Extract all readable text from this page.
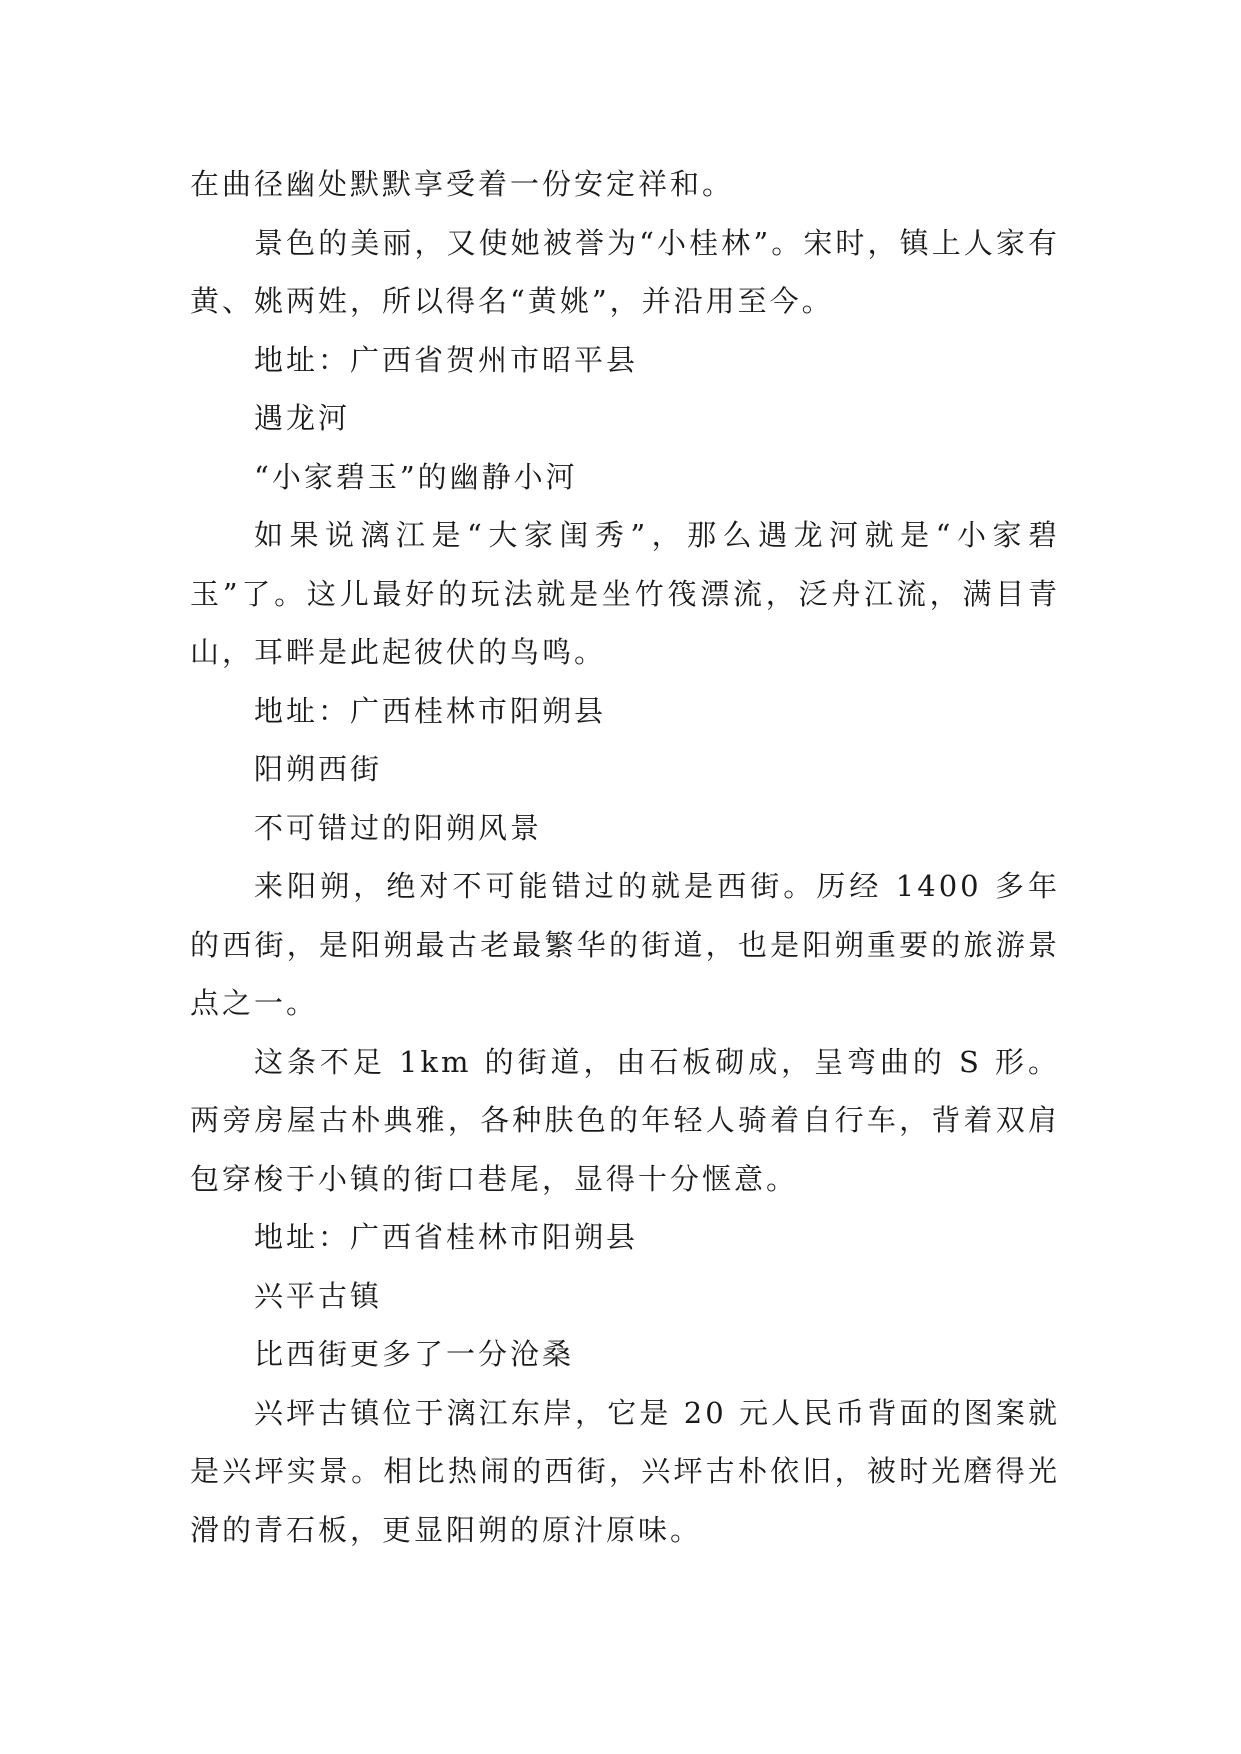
在曲径幽处默默享受着一份安定祥和。

景色的美丽，又使她被誉为“小桂林”。宋时，镇上人家有黄、姚两姓，所以得名“黄姚”，并沿用至今。

地址：广西省贺州市昭平县

遇龙河

“小家碧玉”的幽静小河

如果说漓江是“大家闺秀”，那么遇龙河就是“小家碧玉”了。这儿最好的玩法就是坐竹筏漂流，泛舟江流，满目青山，耳畔是此起彼伏的鸟鸣。

地址：广西桂林市阳朔县

阳朔西街

不可错过的阳朔风景

来阳朔，绝对不可能错过的就是西街。历经 1400 多年的西街，是阳朔最古老最繁华的街道，也是阳朔重要的旅游景点之一。

这条不足 1km 的街道，由石板砌成，呈弯曲的 S 形。两旁房屋古朴典雅，各种肤色的年轻人骑着自行车，背着双肩包穿梭于小镇的街口巷尾，显得十分惬意。

地址：广西省桂林市阳朔县

兴平古镇

比西街更多了一分沧桑

兴坪古镇位于漓江东岸，它是 20 元人民币背面的图案就是兴坪实景。相比热闹的西街，兴坪古朴依旧，被时光磨得光滑的青石板，更显阳朔的原汁原味。
